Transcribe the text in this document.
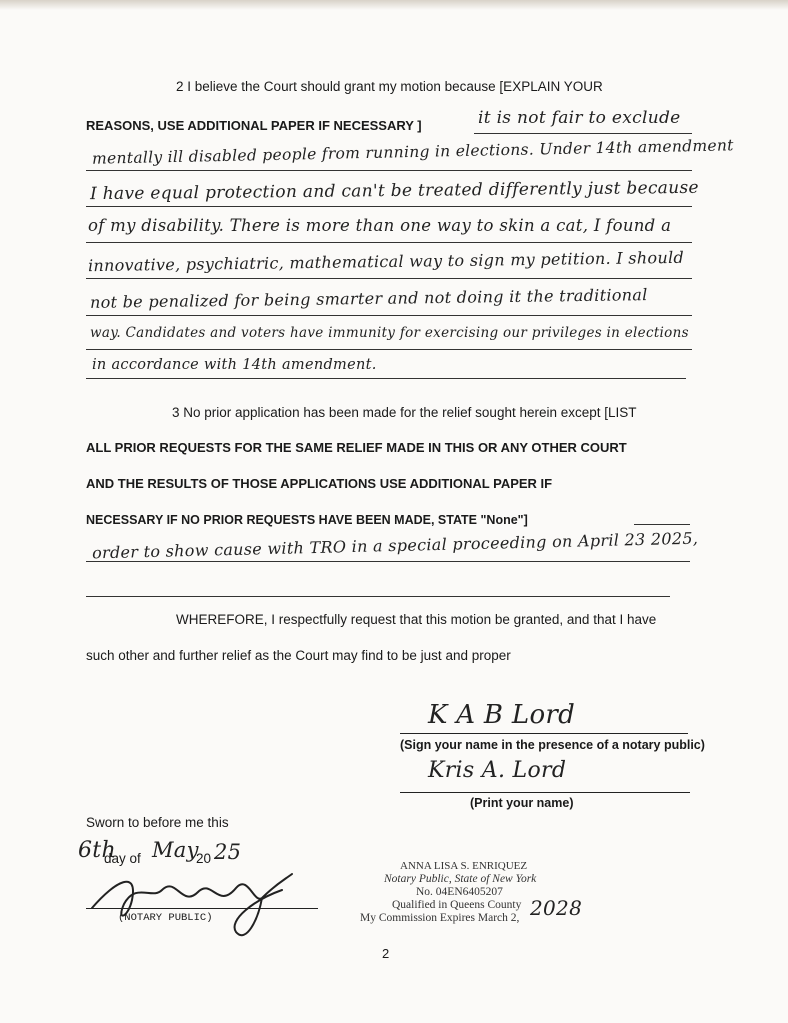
2 I believe the Court should grant my motion because [EXPLAIN YOUR
REASONS, USE ADDITIONAL PAPER IF NECESSARY ]	it is not fair to exclude
mentally ill disabled people from running in elections. Under 14th amendment
I have equal protection and can't be treated differently just because
of my disability. There is more than one way to skin a cat, I found a
innovative, psychiatric, mathematical way to sign my petition. I should
not be penalized for being smarter and not doing it the traditional
way. Candidates and voters have immunity for exercising our privileges in elections
in accordance with 14th amendment.
3 No prior application has been made for the relief sought herein except [LIST
ALL PRIOR REQUESTS FOR THE SAME RELIEF MADE IN THIS OR ANY OTHER COURT
AND THE RESULTS OF THOSE APPLICATIONS USE ADDITIONAL PAPER IF
NECESSARY IF NO PRIOR REQUESTS HAVE BEEN MADE, STATE "None"]
order to show cause with TRO in a special proceeding on April 23 2025,
WHEREFORE, I respectfully request that this motion be granted, and that I have
such other and further relief as the Court may find to be just and proper
K A B Lord
(Sign your name in the presence of a notary public)
Kris A. Lord
(Print your name)
Sworn to before me this
6th
day of May
20 25
(NOTARY PUBLIC)
ANNA LISA S. ENRIQUEZ
Notary Public, State of New York
No. 04EN6405207
Qualified in Queens County
My Commission Expires March 2, 2028
2
